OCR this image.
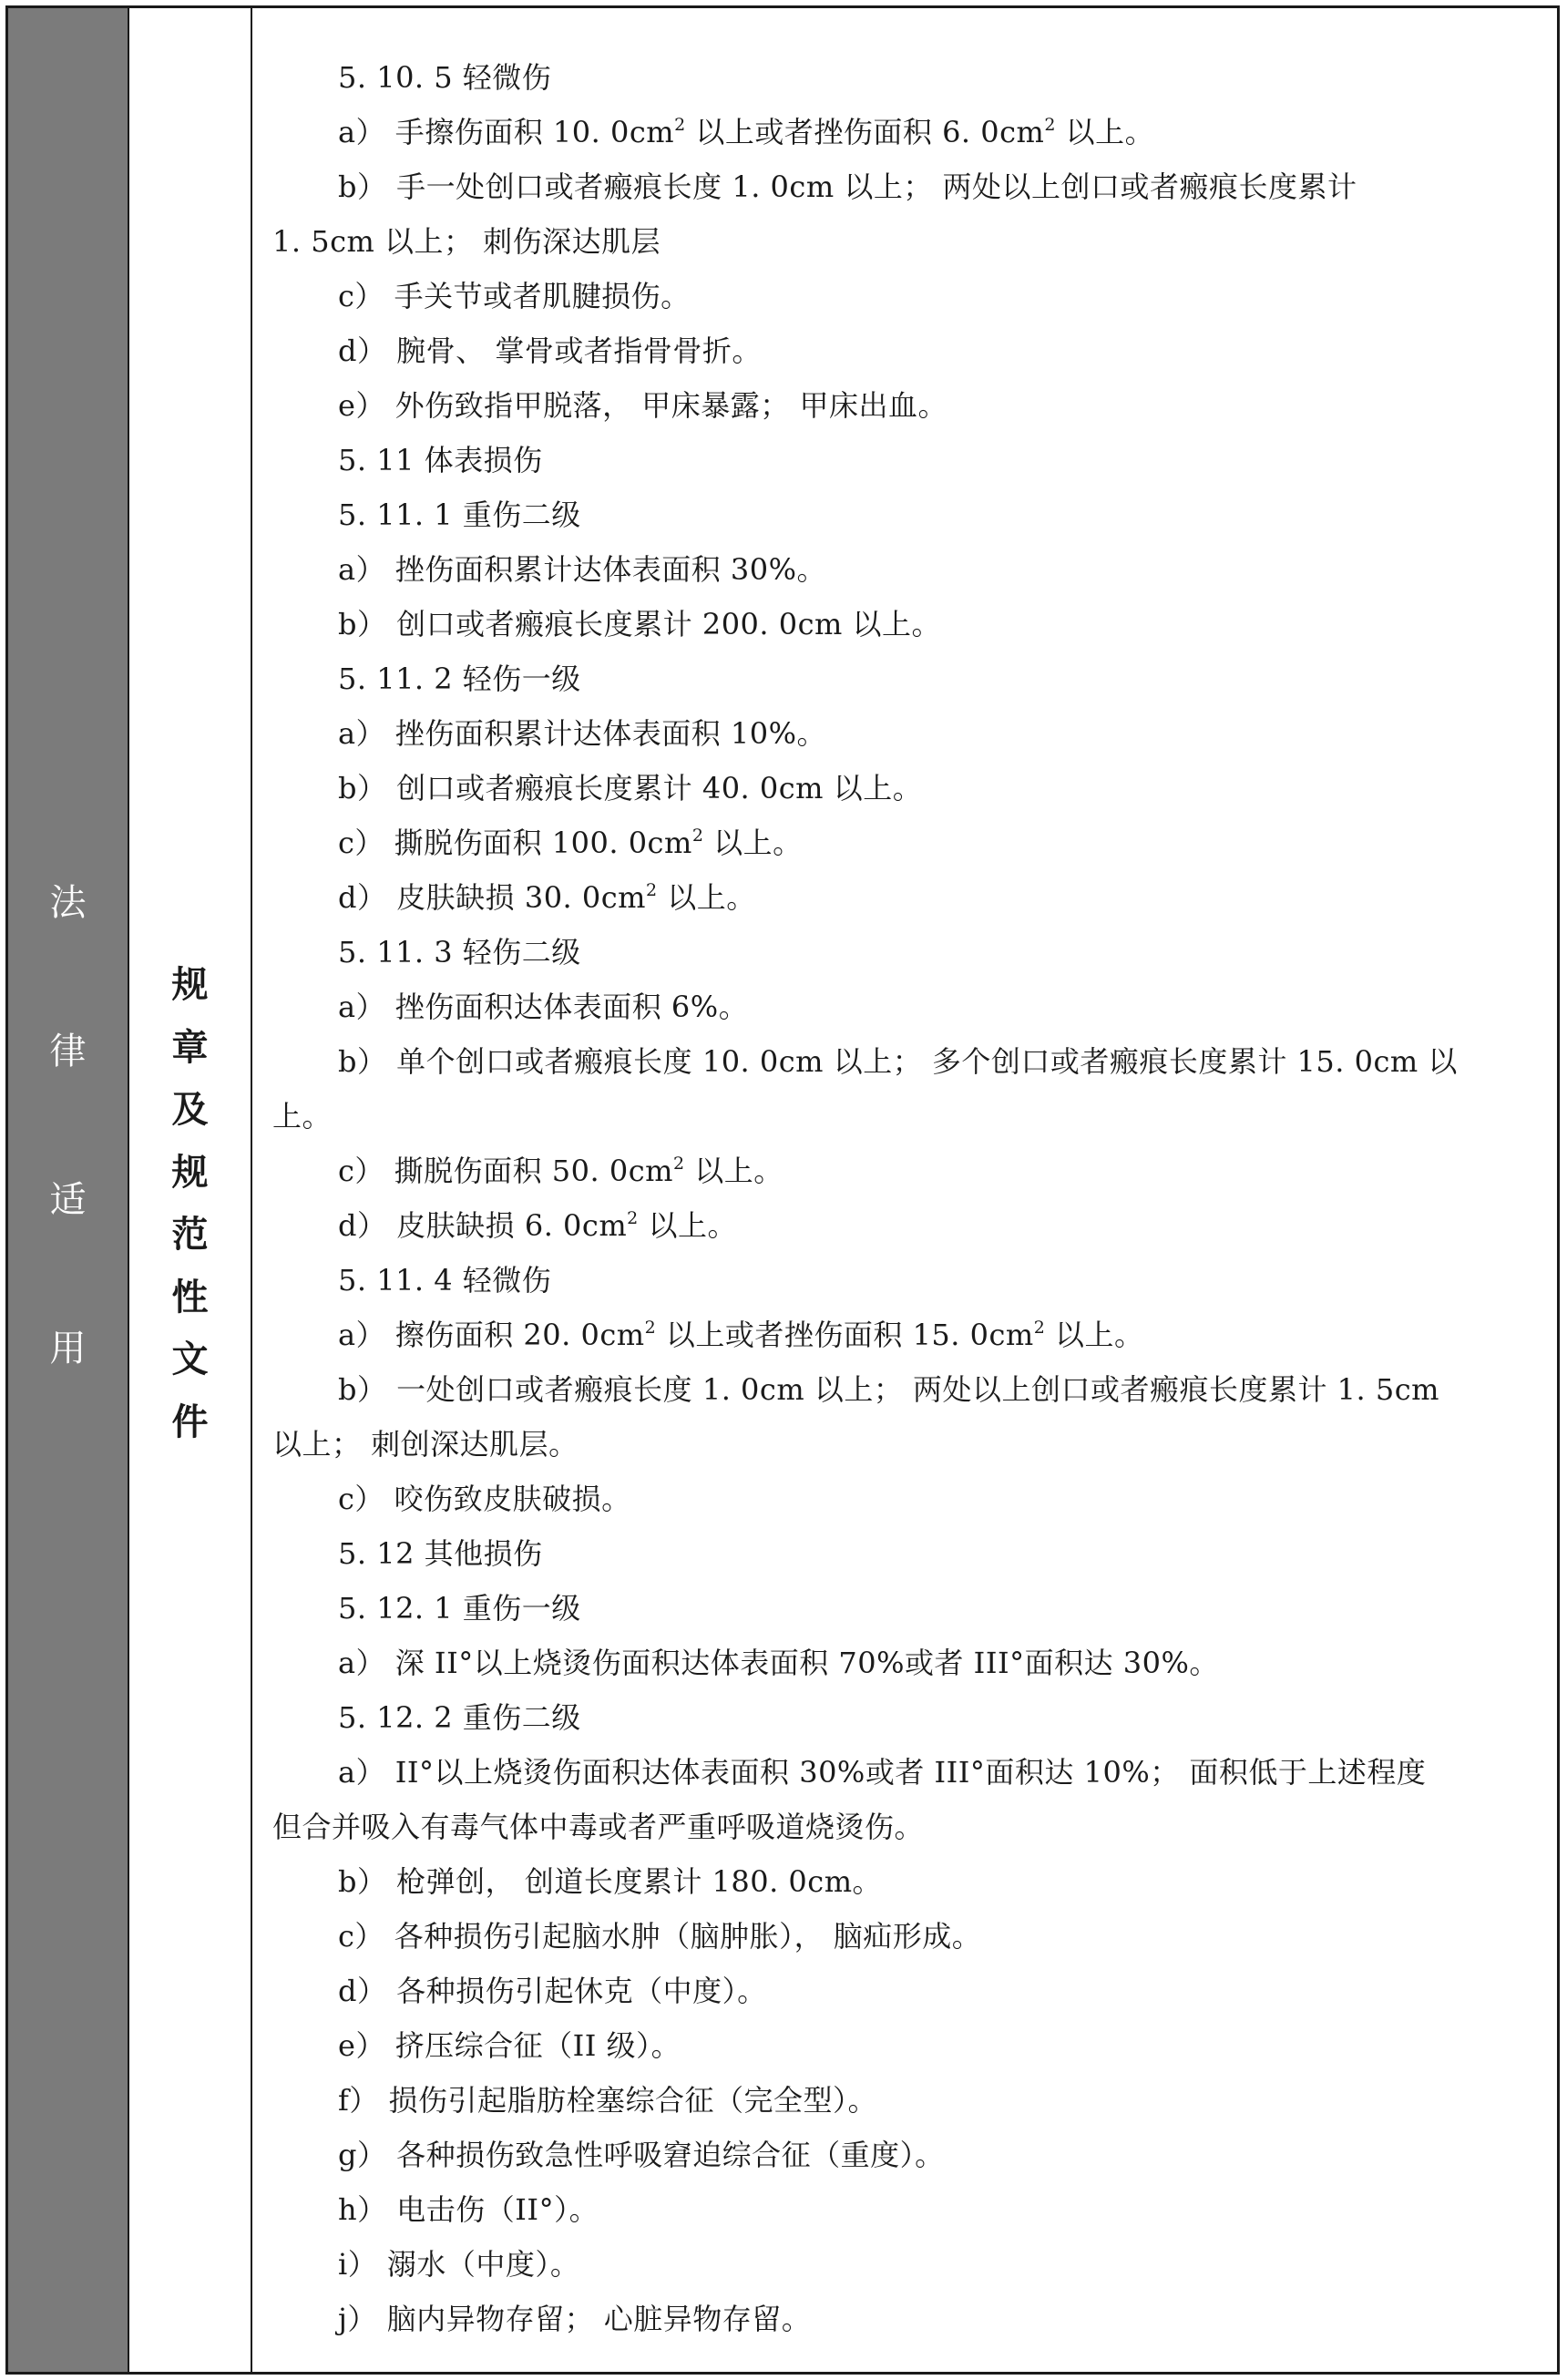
法
律
适
用
规
章
及
规
范
性
文
件
5. 10. 5 轻微伤
a） 手擦伤面积 10. $0cm^2$ 以上或者挫伤面积 6. $0cm^2$ 以上。
b） 手一处创口或者瘢痕长度 1. 0cm 以上； 两处以上创口或者瘢痕长度累计
1. 5cm 以上； 刺伤深达肌层
c） 手关节或者肌腱损伤。
d） 腕骨、 掌骨或者指骨骨折。
e） 外伤致指甲脱落， 甲床暴露； 甲床出血。
5. 11 体表损伤
5. 11. 1 重伤二级
a） 挫伤面积累计达体表面积 30%。
b） 创口或者瘢痕长度累计 200. 0cm 以上。
5. 11. 2 轻伤一级
a） 挫伤面积累计达体表面积 10%。
b） 创口或者瘢痕长度累计 40. 0cm 以上。
c） 撕脱伤面积 100. $0cm^2$ 以上。
d） 皮肤缺损 30. $0cm^2$ 以上。
5. 11. 3 轻伤二级
a） 挫伤面积达体表面积 6%。
b） 单个创口或者瘢痕长度 10. 0cm 以上； 多个创口或者瘢痕长度累计 15. 0cm 以
上。
c） 撕脱伤面积 50. $0cm^2$ 以上。
d） 皮肤缺损 6. $0cm^2$ 以上。
5. 11. 4 轻微伤
a） 擦伤面积 20. $0cm^2$ 以上或者挫伤面积 15. $0cm^2$ 以上。
b） 一处创口或者瘢痕长度 1. 0cm 以上； 两处以上创口或者瘢痕长度累计 1. 5cm
以上； 刺创深达肌层。
c） 咬伤致皮肤破损。
5. 12 其他损伤
5. 12. 1 重伤一级
a） 深 II°以上烧烫伤面积达体表面积 70%或者 III°面积达 30%。
5. 12. 2 重伤二级
a） II°以上烧烫伤面积达体表面积 30%或者 III°面积达 10%； 面积低于上述程度
但合并吸入有毒气体中毒或者严重呼吸道烧烫伤。
b） 枪弹创， 创道长度累计 180. 0cm。
c） 各种损伤引起脑水肿（脑肿胀）， 脑疝形成。
d） 各种损伤引起休克（中度）。
e） 挤压综合征（II 级）。
f） 损伤引起脂肪栓塞综合征（完全型）。
g） 各种损伤致急性呼吸窘迫综合征（重度）。
h） 电击伤（II°）。
i） 溺水（中度）。
j） 脑内异物存留； 心脏异物存留。
